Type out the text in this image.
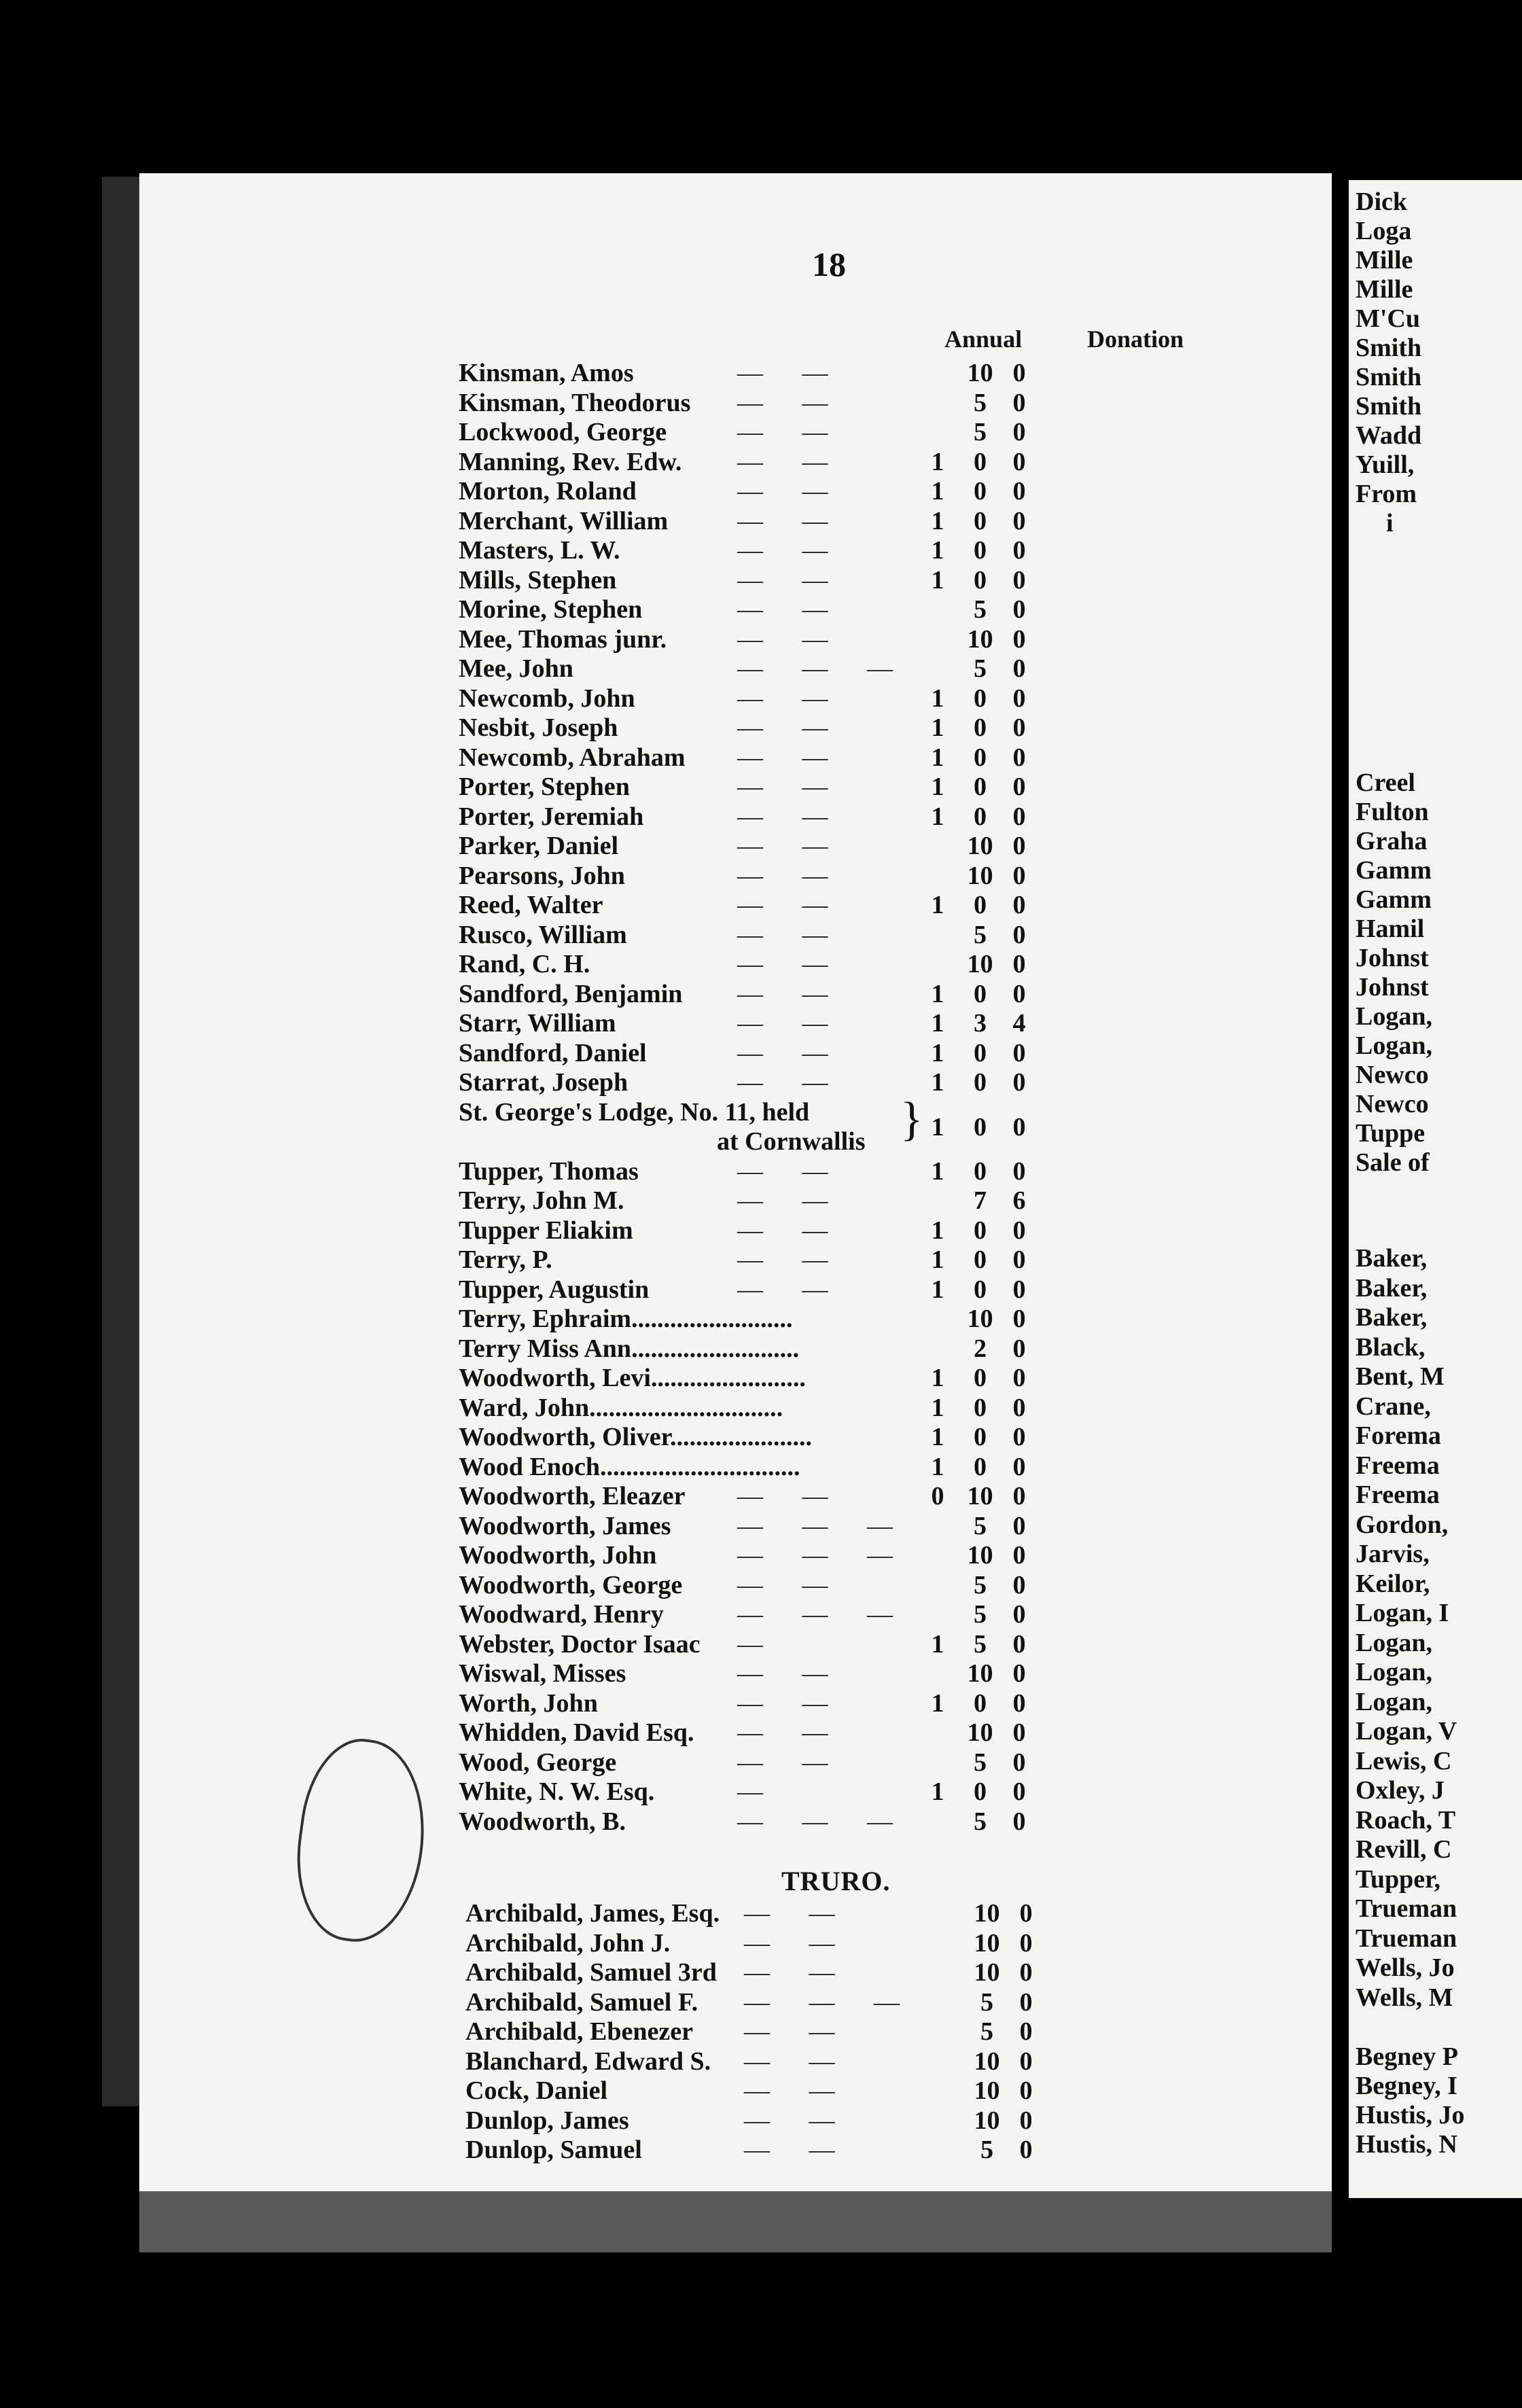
Dick
Loga
Mille
Mille
M'Cu
Smith
Smith
Smith
Wadd
Yuill,
From
i
Creel
Fulton
Graha
Gamm
Gamm
Hamil
Johnst
Johnst
Logan,
Logan,
Newco
Newco
Tuppe
Sale of
Baker,
Baker,
Baker,
Black,
Bent, M
Crane,
Forema
Freema
Freema
Gordon,
Jarvis,
Keilor,
Logan, I
Logan,
Logan,
Logan,
Logan, V
Lewis, C
Oxley, J
Roach, T
Revill, C
Tupper,
Trueman
Trueman
Wells, Jo
Wells, M
Begney P
Begney, I
Hustis, Jo
Hustis, N
18
Annual	Donation
Kinsman, Amos	— —	10 0
Kinsman, Theodorus — —	5	0
Lockwood, George	— —	5	0
Manning, Rev. Edw. — —	1	0	0
Morton, Roland	— —	1	0	0
Merchant, William	— —	1	0	0
Masters, L. W.	— —	1	0	0
Mills, Stephen	— —	1	0	0
Morine, Stephen	— —	5	0
Mee, Thomas junr.	— —	10 0
Mee, John	— — —	5	0
Newcomb, John	— —	1	0	0
Nesbit, Joseph	— —	1	0	0
Newcomb, Abraham — —	1	0	0
Porter, Stephen	— —	1	0	0
Porter, Jeremiah	— —	1	0	0
Parker, Daniel	— —	10 0
Pearsons, John	— —	10 0
Reed, Walter	— —	1	0	0
Rusco, William	— —	5	0
Rand, C. H.	— —	10 0
Sandford, Benjamin — —	1	0	0
Starr, William	— —	1	3	4
Sandford, Daniel	— —	1	0	0
Starrat, Joseph	— —	1	0	0
St. George's Lodge, No. 11, held
at Cornwallis } 1	0	0
Tupper, Thomas	— —	1	0	0
Terry, John M.	— —	7	6
Tupper Eliakim	— —	1	0	0
Terry, P.	— —	1	0	0
Tupper, Augustin	— —	1	0	0
Terry, Ephraim.........................	10 0
Terry Miss Ann..........................	2	0
Woodworth, Levi........................	1	0	0
Ward, John..............................	1	0	0
Woodworth, Oliver......................	1	0	0
Wood Enoch...............................	1	0	0
Woodworth, Eleazer — —	0 10 0
Woodworth, James	— — —	5	0
Woodworth, John	— — — 10 0
Woodworth, George — —	5	0
Woodward, Henry	— — —	5	0
Webster, Doctor Isaac —	1	5	0
Wiswal, Misses	— —	10 0
Worth, John	— —	1	0	0
Whidden, David Esq. — —	10 0
Wood, George	— —	5	0
White, N. W. Esq.	—	1	0	0
Woodworth, B.	— — —	5	0
TRURO.
Archibald, James, Esq. — —	10 0
Archibald, John J.	— —	10 0
Archibald, Samuel 3rd — —	10 0
Archibald, Samuel F. — — —	5	0
Archibald, Ebenezer — —	5	0
Blanchard, Edward S. — —	10 0
Cock, Daniel	— —	10 0
Dunlop, James	— —	10 0
Dunlop, Samuel	— —	5	0
